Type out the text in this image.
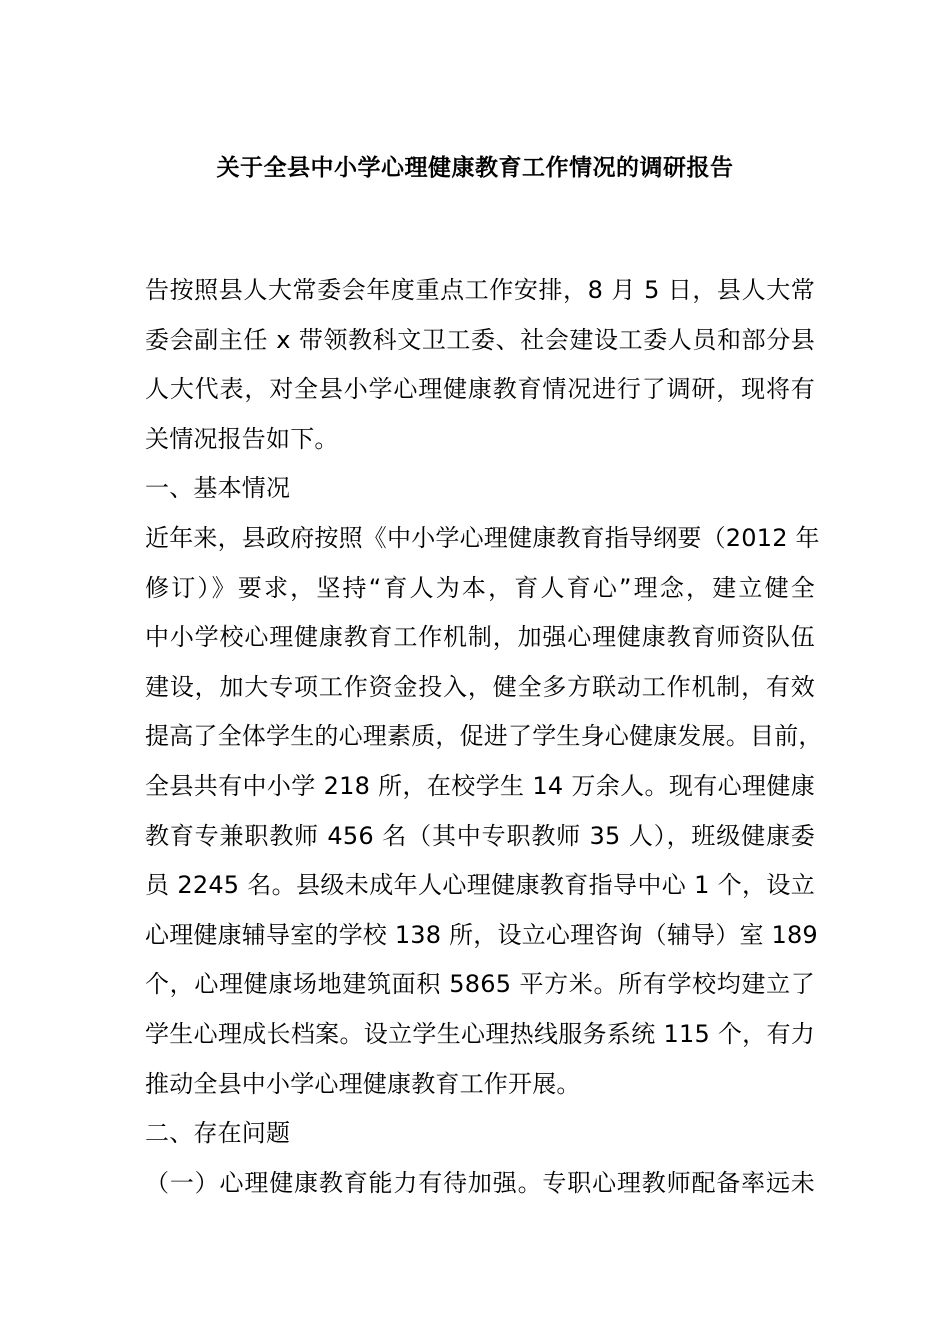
关于全县中小学心理健康教育工作情况的调研报告
告按照县人大常委会年度重点工作安排，8 月 5 日，县人大常
委会副主任 x 带领教科文卫工委、社会建设工委人员和部分县
人大代表，对全县小学心理健康教育情况进行了调研，现将有
关情况报告如下。
一、基本情况
近年来，县政府按照《中小学心理健康教育指导纲要（2012 年
修订）》要求，坚持“育人为本，育人育心”理念，建立健全
中小学校心理健康教育工作机制，加强心理健康教育师资队伍
建设，加大专项工作资金投入，健全多方联动工作机制，有效
提高了全体学生的心理素质，促进了学生身心健康发展。目前，
全县共有中小学 218 所，在校学生 14 万余人。现有心理健康
教育专兼职教师 456 名（其中专职教师 35 人），班级健康委
员 2245 名。县级未成年人心理健康教育指导中心 1 个，设立
心理健康辅导室的学校 138 所，设立心理咨询（辅导）室 189
个，心理健康场地建筑面积 5865 平方米。所有学校均建立了
学生心理成长档案。设立学生心理热线服务系统 115 个，有力
推动全县中小学心理健康教育工作开展。
二、存在问题
（一）心理健康教育能力有待加强。专职心理教师配备率远未
